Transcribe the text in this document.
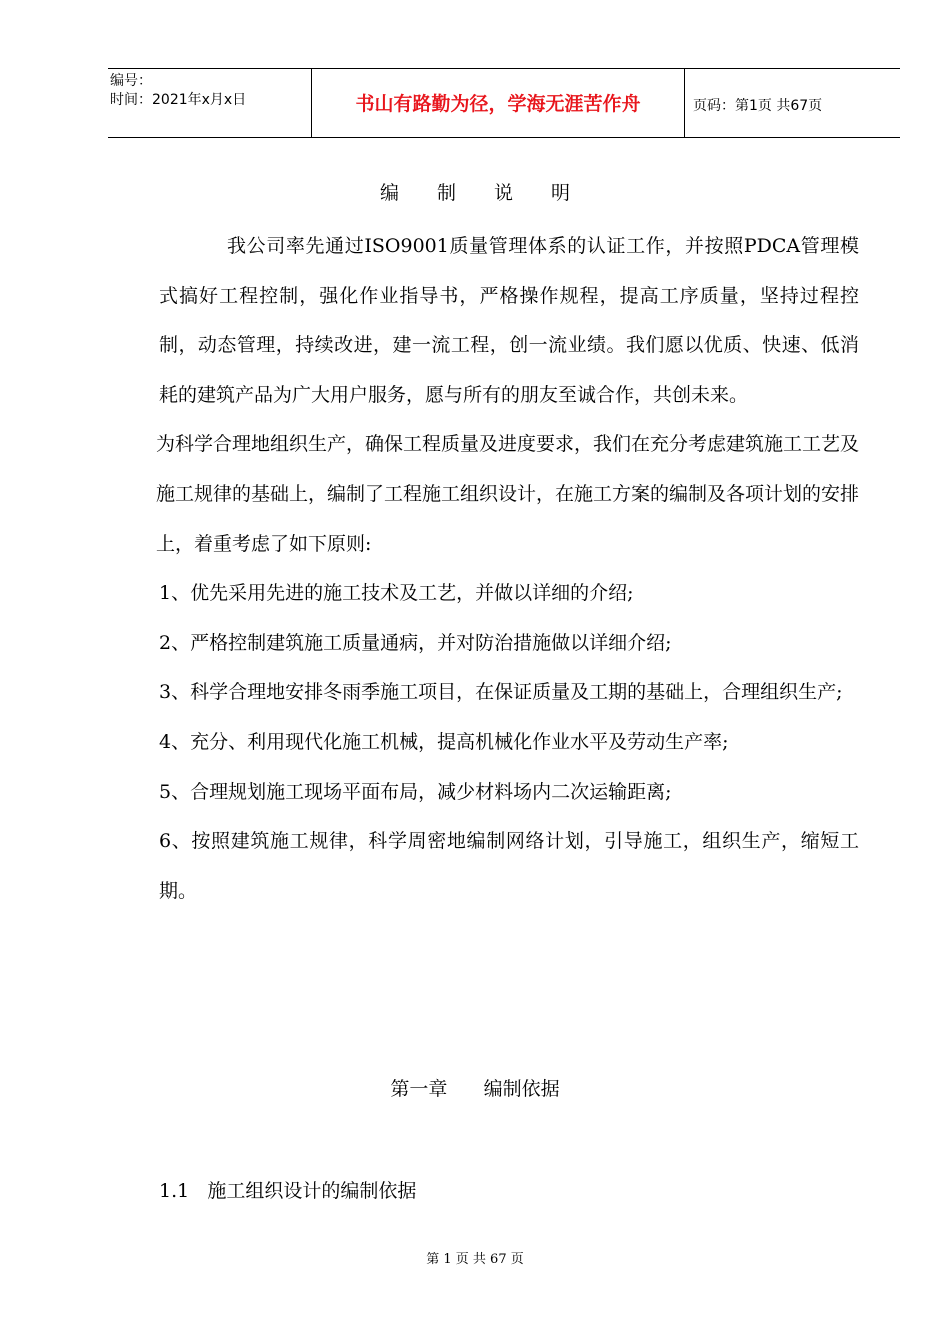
编号：
时间：2021年x月x日	书山有路勤为径，学海无涯苦作舟	页码：第1页 共67页
编 制 说 明

我公司率先通过ISO9001质量管理体系的认证工作，并按照PDCA管理模式搞好工程控制，强化作业指导书，严格操作规程，提高工序质量，坚持过程控制，动态管理，持续改进，建一流工程，创一流业绩。我们愿以优质、快速、低消耗的建筑产品为广大用户服务，愿与所有的朋友至诚合作，共创未来。

为科学合理地组织生产，确保工程质量及进度要求，我们在充分考虑建筑施工工艺及施工规律的基础上，编制了工程施工组织设计，在施工方案的编制及各项计划的安排上，着重考虑了如下原则:

1、优先采用先进的施工技术及工艺，并做以详细的介绍;

2、严格控制建筑施工质量通病，并对防治措施做以详细介绍;

3、科学合理地安排冬雨季施工项目，在保证质量及工期的基础上，合理组织生产;

4、充分、利用现代化施工机械，提高机械化作业水平及劳动生产率;

5、合理规划施工现场平面布局，减少材料场内二次运输距离;

6、按照建筑施工规律，科学周密地编制网络计划，引导施工，组织生产，缩短工期。

第一章      编制依据
1.1   施工组织设计的编制依据
第 1 页 共 67 页
